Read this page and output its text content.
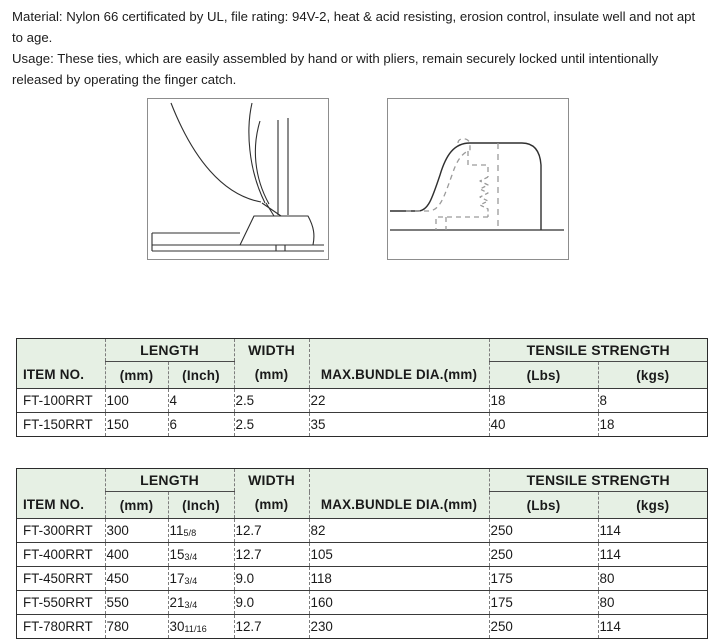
Material: Nylon 66 certificated by UL, file rating: 94V-2, heat & acid resisting, erosion control, insulate well and not apt to age.

Usage: These ties, which are easily assembled by hand or with pliers, remain securely locked until intentionally released by operating the finger catch.

	LENGTH		WIDTH		TENSILE STRENGTH	
ITEM NO.	(mm)	(Inch)	(mm)	MAX.BUNDLE DIA.(mm)	(Lbs)	(kgs)
FT-100RRT	100	4	2.5	22	18	8
FT-150RRT	150	6	2.5	35	40	18
	LENGTH		WIDTH		TENSILE STRENGTH	
ITEM NO.	(mm)	(Inch)	(mm)	MAX.BUNDLE DIA.(mm)	(Lbs)	(kgs)
FT-300RRT	300	115/8	12.7	82	250	114
FT-400RRT	400	153/4	12.7	105	250	114
FT-450RRT	450	173/4	9.0	118	175	80
FT-550RRT	550	213/4	9.0	160	175	80
FT-780RRT	780	3011/16	12.7	230	250	114
